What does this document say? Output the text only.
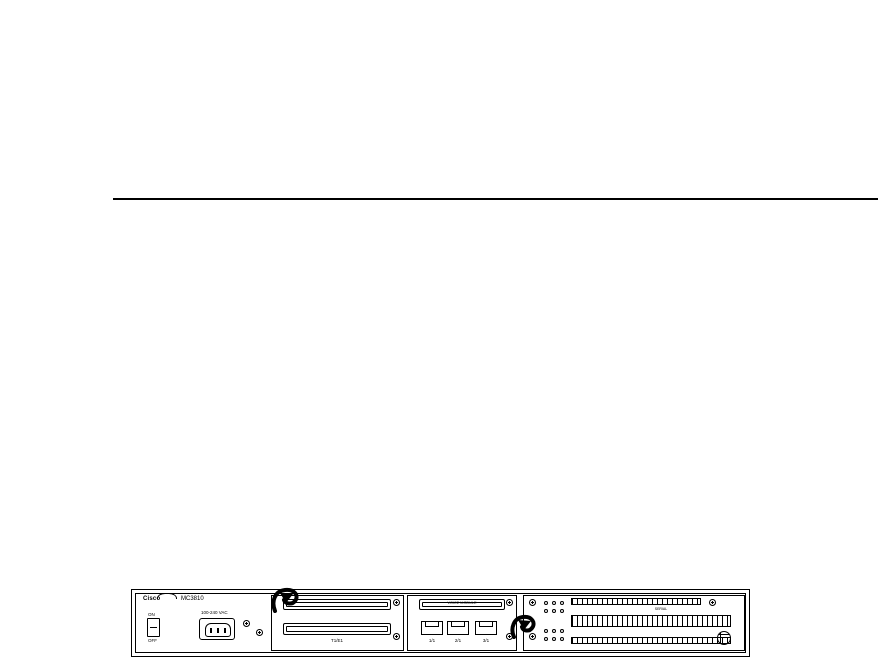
Cisco	MC3810
ON
OFF
100-240 VAC
T1/E1
VOICE MODULE
1/1	2/1	3/1
SERIAL
